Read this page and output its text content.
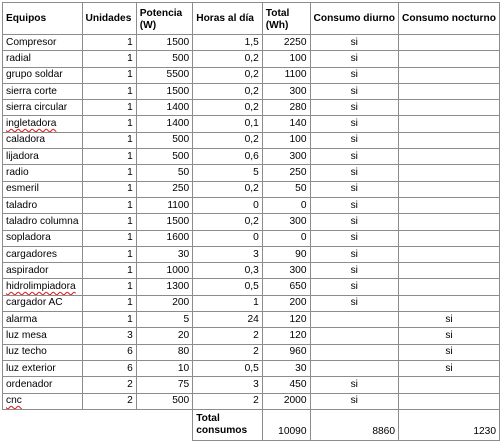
Equipos	Unidades	Potencia (W)	Horas al día	Total (Wh)	Consumo diurno	Consumo nocturno
Compresor	1	1500	1,5	2250	si	
radial	1	500	0,2	100	si	
grupo soldar	1	5500	0,2	1100	si	
sierra corte	1	1500	0,2	300	si	
sierra circular	1	1400	0,2	280	si	
ingletadora	1	1400	0,1	140	si	
caladora	1	500	0,2	100	si	
lijadora	1	500	0,6	300	si	
radio	1	50	5	250	si	
esmeril	1	250	0,2	50	si	
taladro	1	1100	0	0	si	
taladro columna	1	1500	0,2	300	si	
sopladora	1	1600	0	0	si	
cargadores	1	30	3	90	si	
aspirador	1	1000	0,3	300	si	
hidrolimpiadora	1	1300	0,5	650	si	
cargador AC	1	200	1	200	si	
alarma	1	5	24	120		si
luz mesa	3	20	2	120		si
luz techo	6	80	2	960		si
luz exterior	6	10	0,5	30		si
ordenador	2	75	3	450	si	
cnc	2	500	2	2000	si	
			Total consumos	10090	8860	1230
